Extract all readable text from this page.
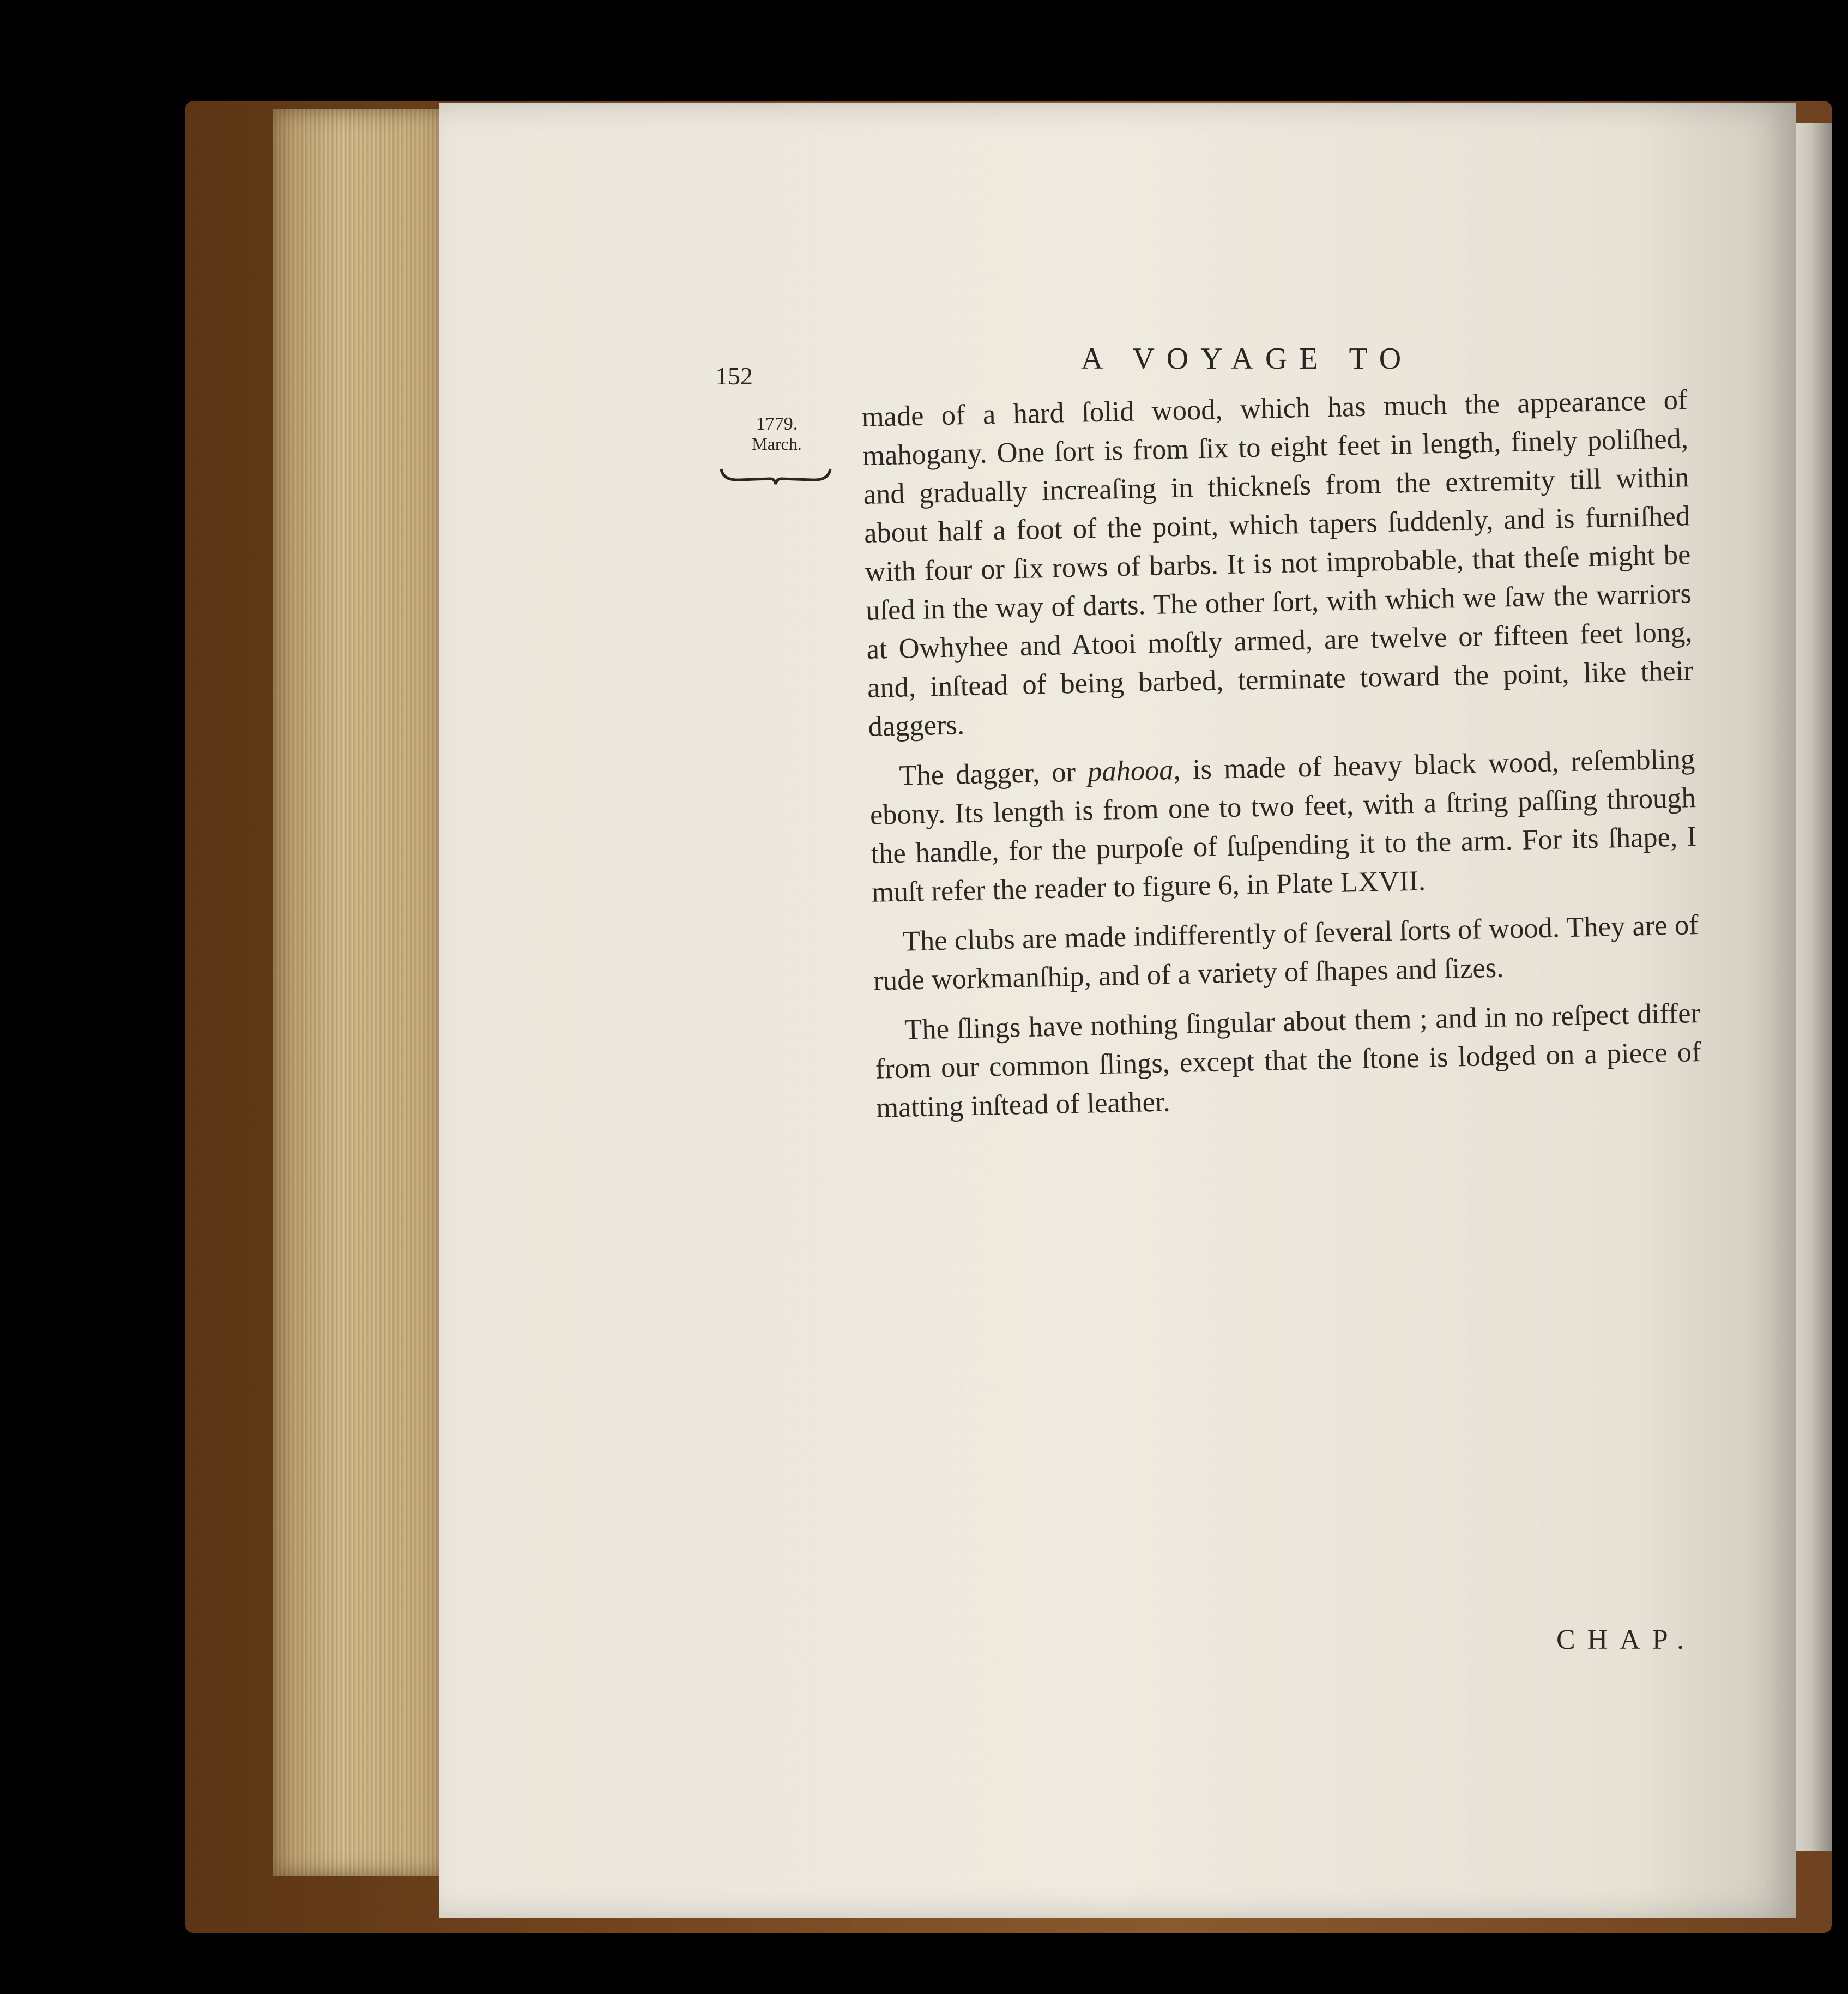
152
A VOYAGE TO
1779.
March.

made of a hard ſolid wood, which has much the appearance of mahogany. One ſort is from ſix to eight feet in length, finely poliſhed, and gradually increaſing in thickneſs from the extremity till within about half a foot of the point, which tapers ſuddenly, and is furniſhed with four or ſix rows of barbs. It is not improbable, that theſe might be uſed in the way of darts. The other ſort, with which we ſaw the warriors at Owhyhee and Atooi moſtly armed, are twelve or fifteen feet long, and, inſtead of being barbed, terminate toward the point, like their daggers.

The dagger, or pahooa, is made of heavy black wood, reſembling ebony. Its length is from one to two feet, with a ſtring paſſing through the handle, for the purpoſe of ſuſpending it to the arm. For its ſhape, I muſt refer the reader to figure 6, in Plate LXVII.

The clubs are made indifferently of ſeveral ſorts of wood. They are of rude workmanſhip, and of a variety of ſhapes and ſizes.

The ſlings have nothing ſingular about them ; and in no reſpect differ from our common ſlings, except that the ſtone is lodged on a piece of matting inſtead of leather.

CHAP.
